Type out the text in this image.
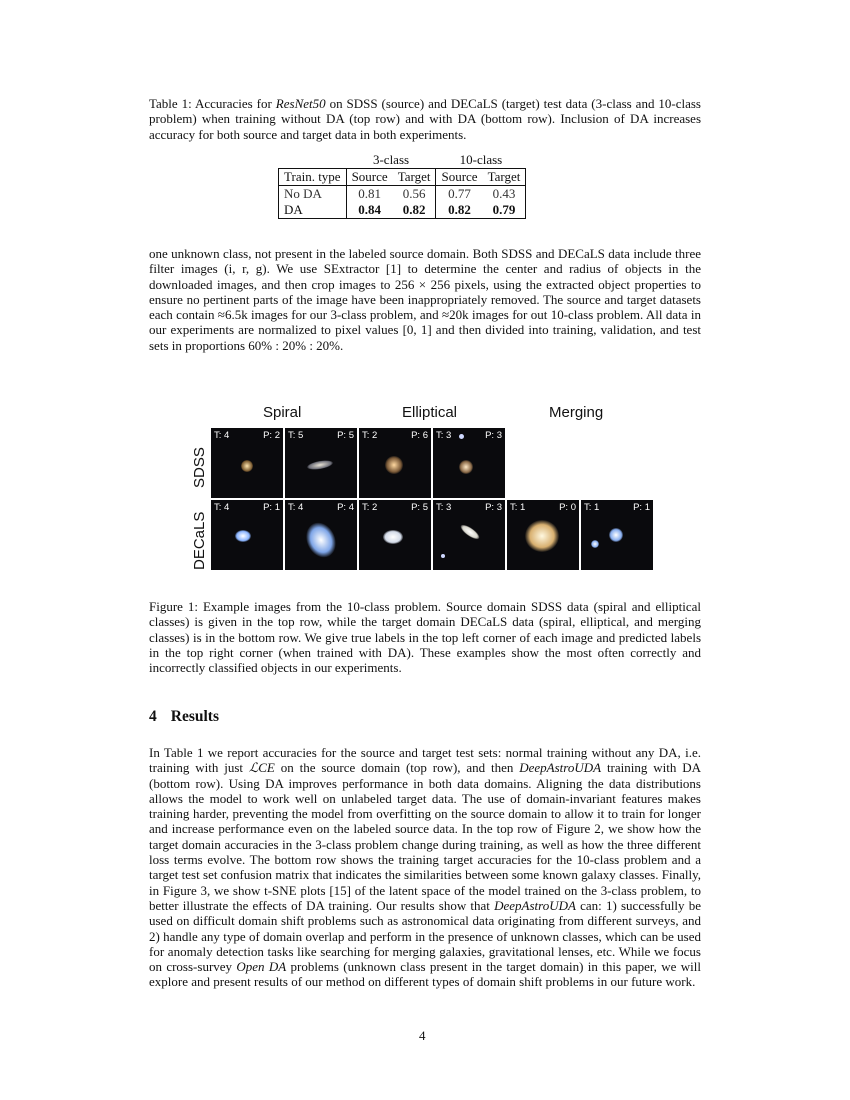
Table 1: Accuracies for ResNet50 on SDSS (source) and DECaLS (target) test data (3-class and 10-class problem) when training without DA (top row) and with DA (bottom row). Inclusion of DA increases accuracy for both source and target data in both experiments.

	3-class		10-class	
Train. type	Source	Target	Source	Target
No DA	0.81	0.56	0.77	0.43
DA	0.84	0.82	0.82	0.79

one unknown class, not present in the labeled source domain. Both SDSS and DECaLS data include three filter images (i, r, g). We use SExtractor [1] to determine the center and radius of objects in the downloaded images, and then crop images to 256 × 256 pixels, using the extracted object properties to ensure no pertinent parts of the image have been inappropriately removed. The source and target datasets each contain ≈6.5k images for our 3-class problem, and ≈20k images for out 10-class problem. All data in our experiments are normalized to pixel values [0, 1] and then divided into training, validation, and test sets in proportions 60% : 20% : 20%.

Spiral	Elliptical	Merging
SDSS
DECaLS
T: 4	P: 2 T: 5	P: 5 T: 2	P: 6 T: 3	P: 3
T: 4	P: 1 T: 4	P: 4 T: 2	P: 5 T: 3	P: 3 T: 1	P: 0 T: 1	P: 1

Figure 1: Example images from the 10-class problem. Source domain SDSS data (spiral and elliptical classes) is given in the top row, while the target domain DECaLS data (spiral, elliptical, and merging classes) is in the bottom row. We give true labels in the top left corner of each image and predicted labels in the top right corner (when trained with DA). These examples show the most often correctly and incorrectly classified objects in our experiments.

4 Results

In Table 1 we report accuracies for the source and target test sets: normal training without any DA, i.e. training with just ℒCE on the source domain (top row), and then DeepAstroUDA training with DA (bottom row). Using DA improves performance in both data domains. Aligning the data distributions allows the model to work well on unlabeled target data. The use of domain-invariant features makes training harder, preventing the model from overfitting on the source domain to allow it to train for longer and increase performance even on the labeled source data. In the top row of Figure 2, we show how the target domain accuracies in the 3-class problem change during training, as well as how the three different loss terms evolve. The bottom row shows the training target accuracies for the 10-class problem and a target test set confusion matrix that indicates the similarities between some known galaxy classes. Finally, in Figure 3, we show t-SNE plots [15] of the latent space of the model trained on the 3-class problem, to better illustrate the effects of DA training. Our results show that DeepAstroUDA can: 1) successfully be used on difficult domain shift problems such as astronomical data originating from different surveys, and 2) handle any type of domain overlap and perform in the presence of unknown classes, which can be used for anomaly detection tasks like searching for merging galaxies, gravitational lenses, etc. While we focus on cross-survey Open DA problems (unknown class present in the target domain) in this paper, we will explore and present results of our method on different types of domain shift problems in our future work.

4
